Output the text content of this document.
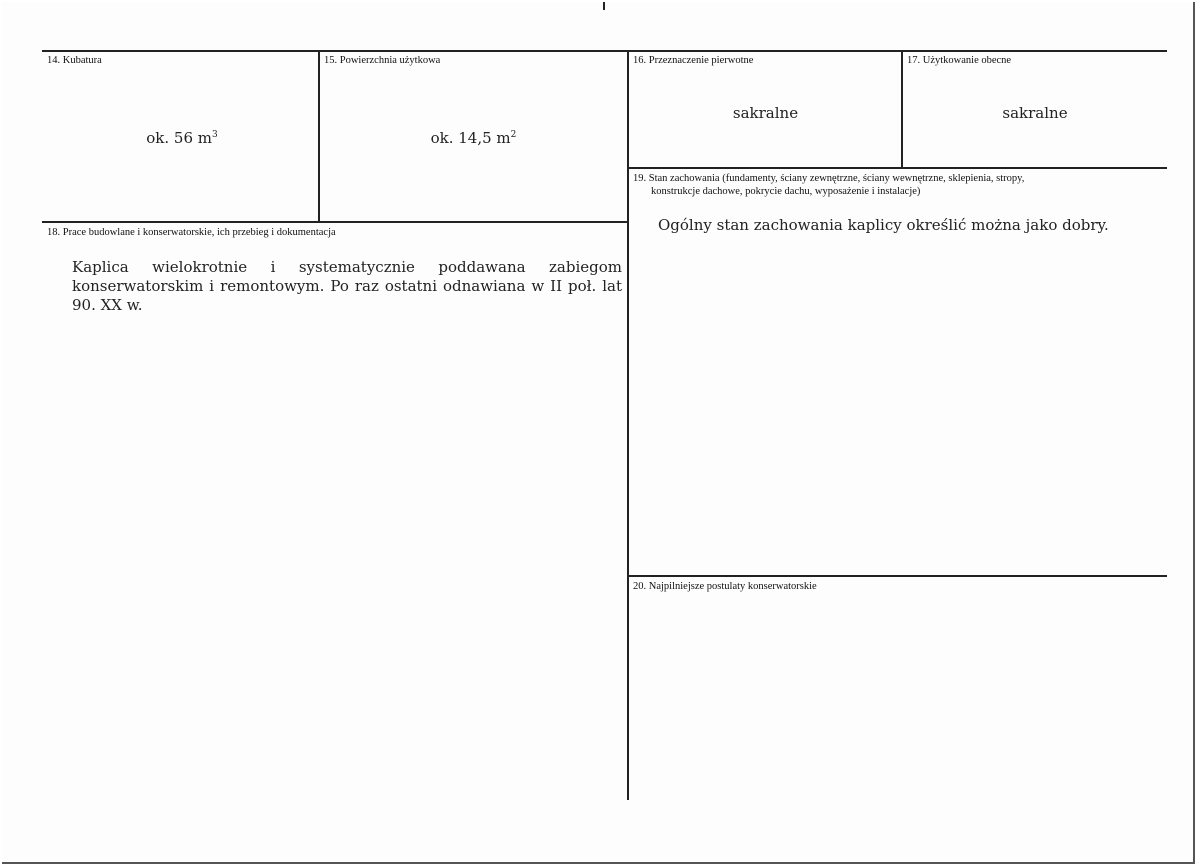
14. Kubatura
ok. 56 $m^3$
15. Powierzchnia użytkowa
ok. 14,5 $m^2$
16. Przeznaczenie pierwotne
sakralne
17. Użytkowanie obecne
sakralne
19. Stan zachowania (fundamenty, ściany zewnętrzne, ściany wewnętrzne, sklepienia, stropy,
konstrukcje dachowe, pokrycie dachu, wyposażenie i instalacje)
Ogólny stan zachowania kaplicy określić można jako dobry.
18. Prace budowlane i konserwatorskie, ich przebieg i dokumentacja
Kaplica wielokrotnie i systematycznie poddawana zabiegom konserwatorskim i remontowym. Po raz ostatni odnawiana w II poł. lat 90. XX w.
20. Najpilniejsze postulaty konserwatorskie
